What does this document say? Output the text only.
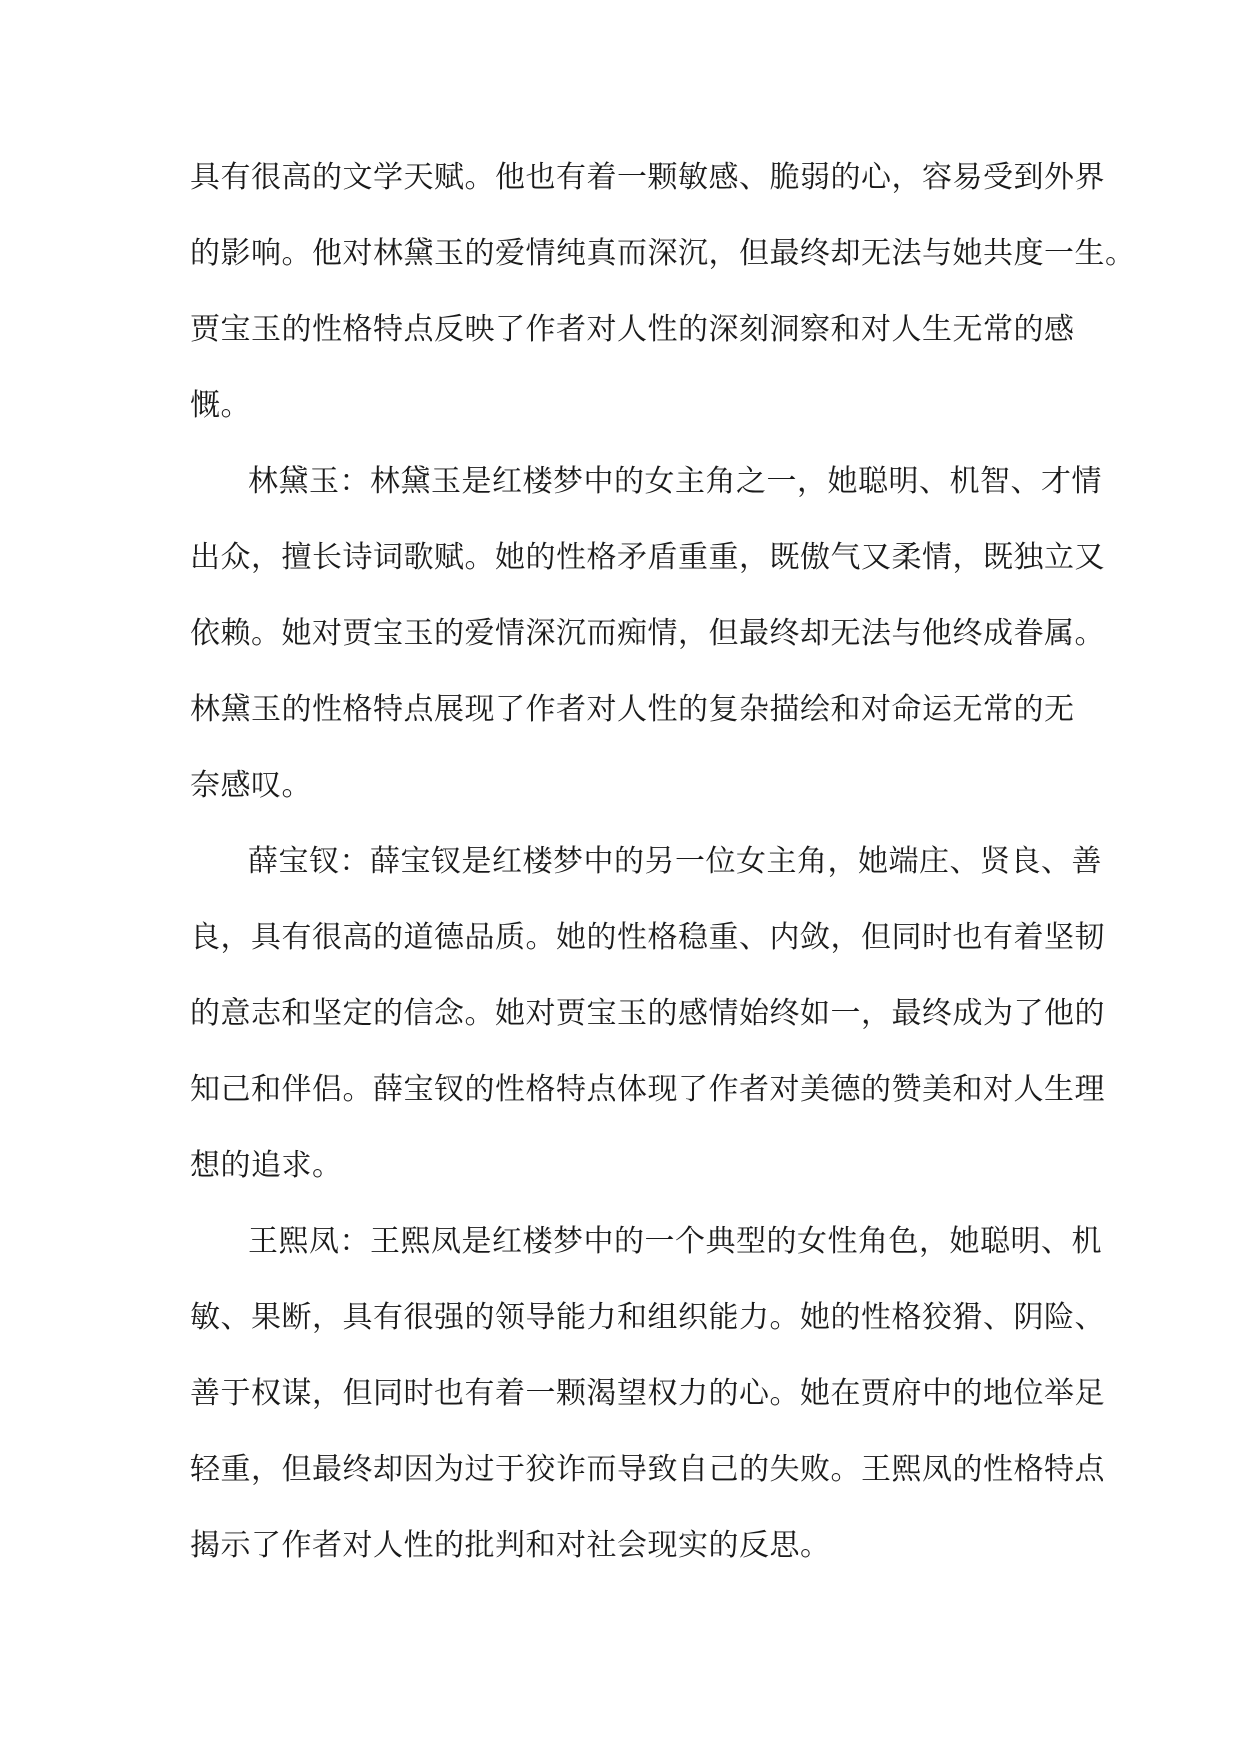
具有很高的文学天赋。他也有着一颗敏感、脆弱的心，容易受到外界
的影响。他对林黛玉的爱情纯真而深沉，但最终却无法与她共度一生。
贾宝玉的性格特点反映了作者对人性的深刻洞察和对人生无常的感
慨。
林黛玉：林黛玉是红楼梦中的女主角之一，她聪明、机智、才情
出众，擅长诗词歌赋。她的性格矛盾重重，既傲气又柔情，既独立又
依赖。她对贾宝玉的爱情深沉而痴情，但最终却无法与他终成眷属。
林黛玉的性格特点展现了作者对人性的复杂描绘和对命运无常的无
奈感叹。
薛宝钗：薛宝钗是红楼梦中的另一位女主角，她端庄、贤良、善
良，具有很高的道德品质。她的性格稳重、内敛，但同时也有着坚韧
的意志和坚定的信念。她对贾宝玉的感情始终如一，最终成为了他的
知己和伴侣。薛宝钗的性格特点体现了作者对美德的赞美和对人生理
想的追求。
王熙凤：王熙凤是红楼梦中的一个典型的女性角色，她聪明、机
敏、果断，具有很强的领导能力和组织能力。她的性格狡猾、阴险、
善于权谋，但同时也有着一颗渴望权力的心。她在贾府中的地位举足
轻重，但最终却因为过于狡诈而导致自己的失败。王熙凤的性格特点
揭示了作者对人性的批判和对社会现实的反思。
